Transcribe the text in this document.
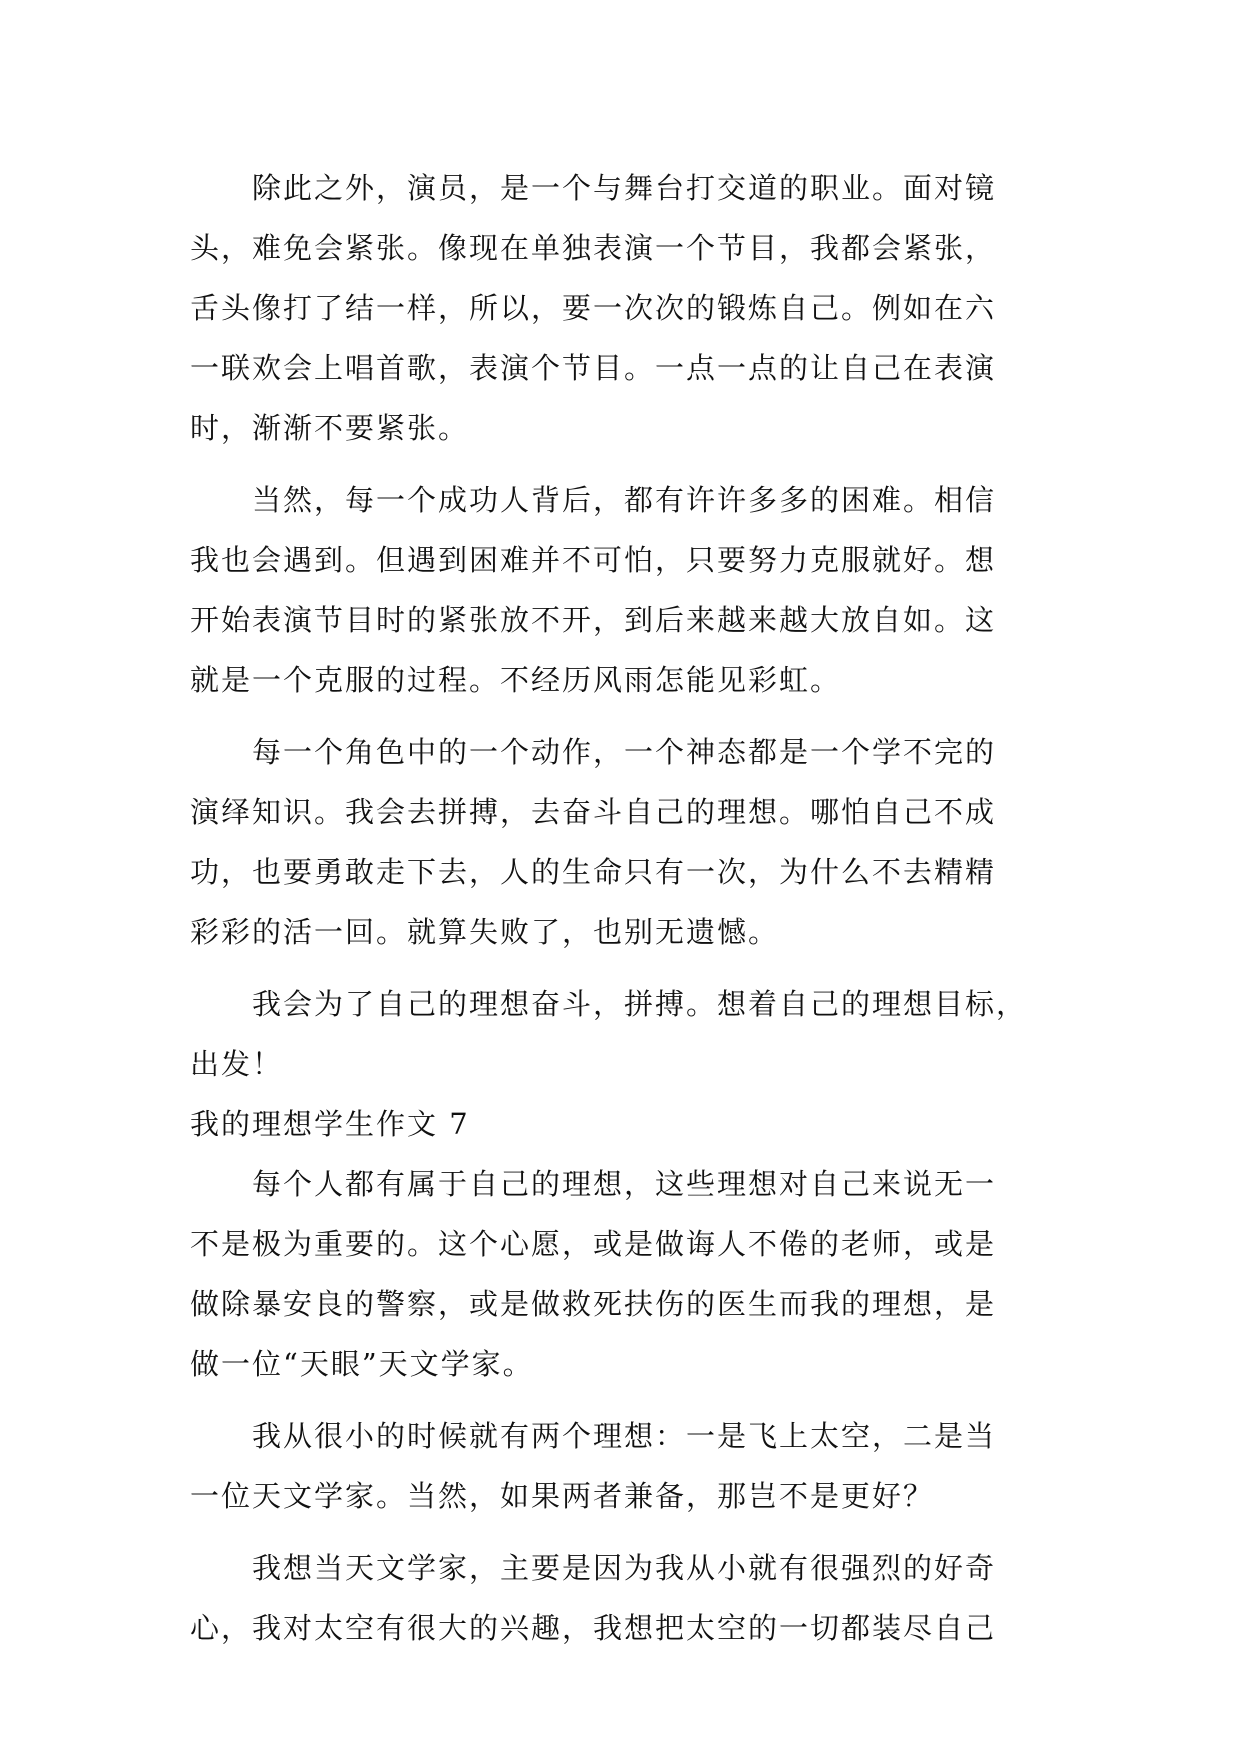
除此之外，演员，是一个与舞台打交道的职业。面对镜
头，难免会紧张。像现在单独表演一个节目，我都会紧张，
舌头像打了结一样，所以，要一次次的锻炼自己。例如在六
一联欢会上唱首歌，表演个节目。一点一点的让自己在表演
时，渐渐不要紧张。
当然，每一个成功人背后，都有许许多多的困难。相信
我也会遇到。但遇到困难并不可怕，只要努力克服就好。想
开始表演节目时的紧张放不开，到后来越来越大放自如。这
就是一个克服的过程。不经历风雨怎能见彩虹。
每一个角色中的一个动作，一个神态都是一个学不完的
演绎知识。我会去拼搏，去奋斗自己的理想。哪怕自己不成
功，也要勇敢走下去，人的生命只有一次，为什么不去精精
彩彩的活一回。就算失败了，也别无遗憾。
我会为了自己的理想奋斗，拼搏。想着自己的理想目标，
出发！
我的理想学生作文 7
每个人都有属于自己的理想，这些理想对自己来说无一
不是极为重要的。这个心愿，或是做诲人不倦的老师，或是
做除暴安良的警察，或是做救死扶伤的医生而我的理想，是
做一位“天眼”天文学家。
我从很小的时候就有两个理想：一是飞上太空，二是当
一位天文学家。当然，如果两者兼备，那岂不是更好？
我想当天文学家，主要是因为我从小就有很强烈的好奇
心，我对太空有很大的兴趣，我想把太空的一切都装尽自己
